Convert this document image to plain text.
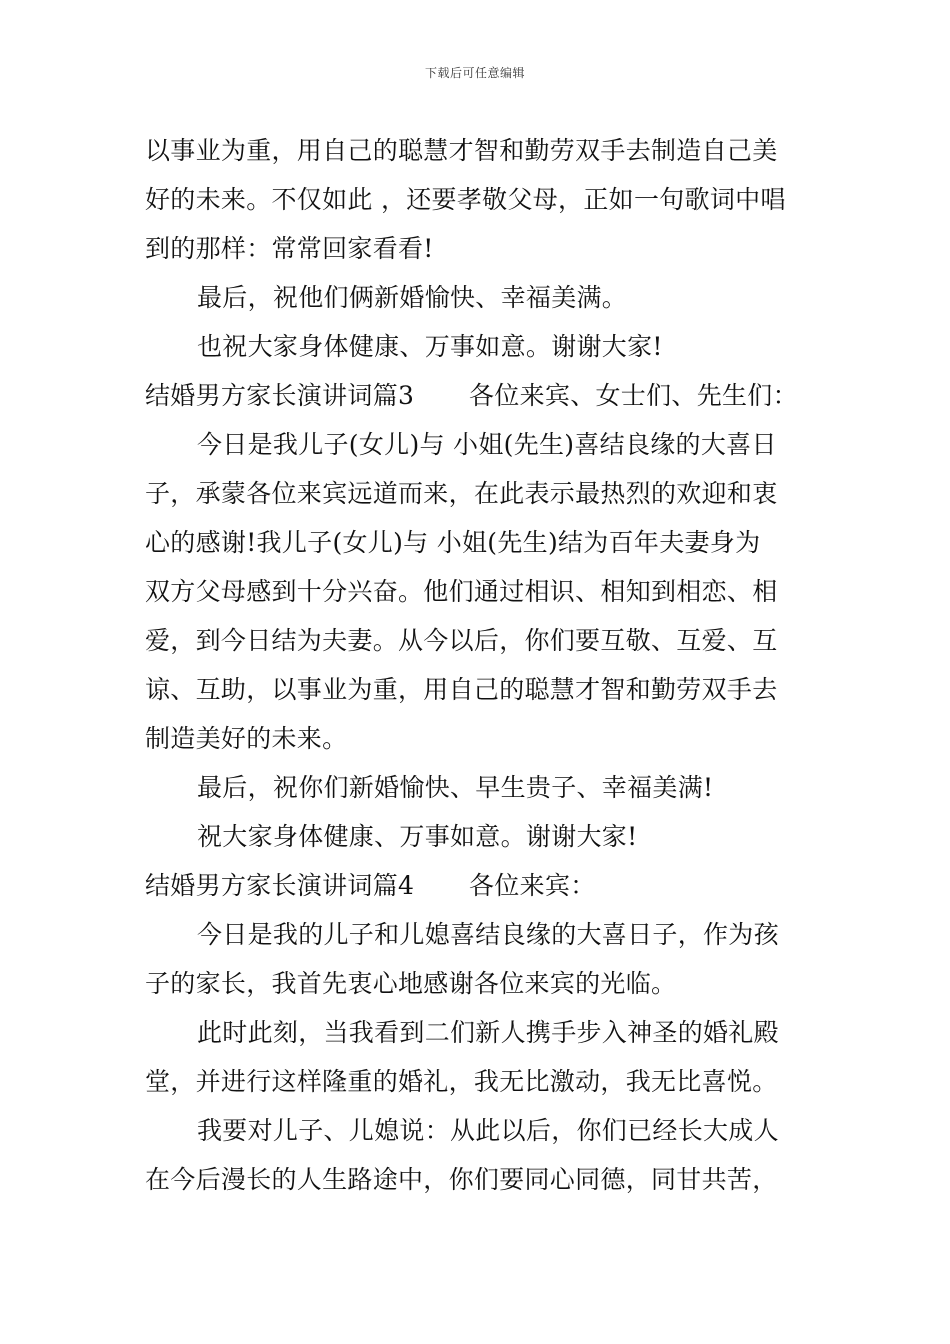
下载后可任意编辑
以事业为重，用自己的聪慧才智和勤劳双手去制造自己美
好的未来。不仅如此 ，还要孝敬父母，正如一句歌词中唱
到的那样：常常回家看看!
最后，祝他们俩新婚愉快、幸福美满。
也祝大家身体健康、万事如意。谢谢大家!
结婚男方家长演讲词篇3	各位来宾、女士们、先生们：
今日是我儿子(女儿)与 小姐(先生)喜结良缘的大喜日
子，承蒙各位来宾远道而来，在此表示最热烈的欢迎和衷
心的感谢!我儿子(女儿)与 小姐(先生)结为百年夫妻身为
双方父母感到十分兴奋。他们通过相识、相知到相恋、相
爱，到今日结为夫妻。从今以后，你们要互敬、互爱、互
谅、互助，以事业为重，用自己的聪慧才智和勤劳双手去
制造美好的未来。
最后，祝你们新婚愉快、早生贵子、幸福美满!
祝大家身体健康、万事如意。谢谢大家!
结婚男方家长演讲词篇4	各位来宾：
今日是我的儿子和儿媳喜结良缘的大喜日子，作为孩
子的家长，我首先衷心地感谢各位来宾的光临。
此时此刻，当我看到二们新人携手步入神圣的婚礼殿
堂，并进行这样隆重的婚礼，我无比激动，我无比喜悦。
我要对儿子、儿媳说：从此以后，你们已经长大成人
在今后漫长的人生路途中，你们要同心同德，同甘共苦，
